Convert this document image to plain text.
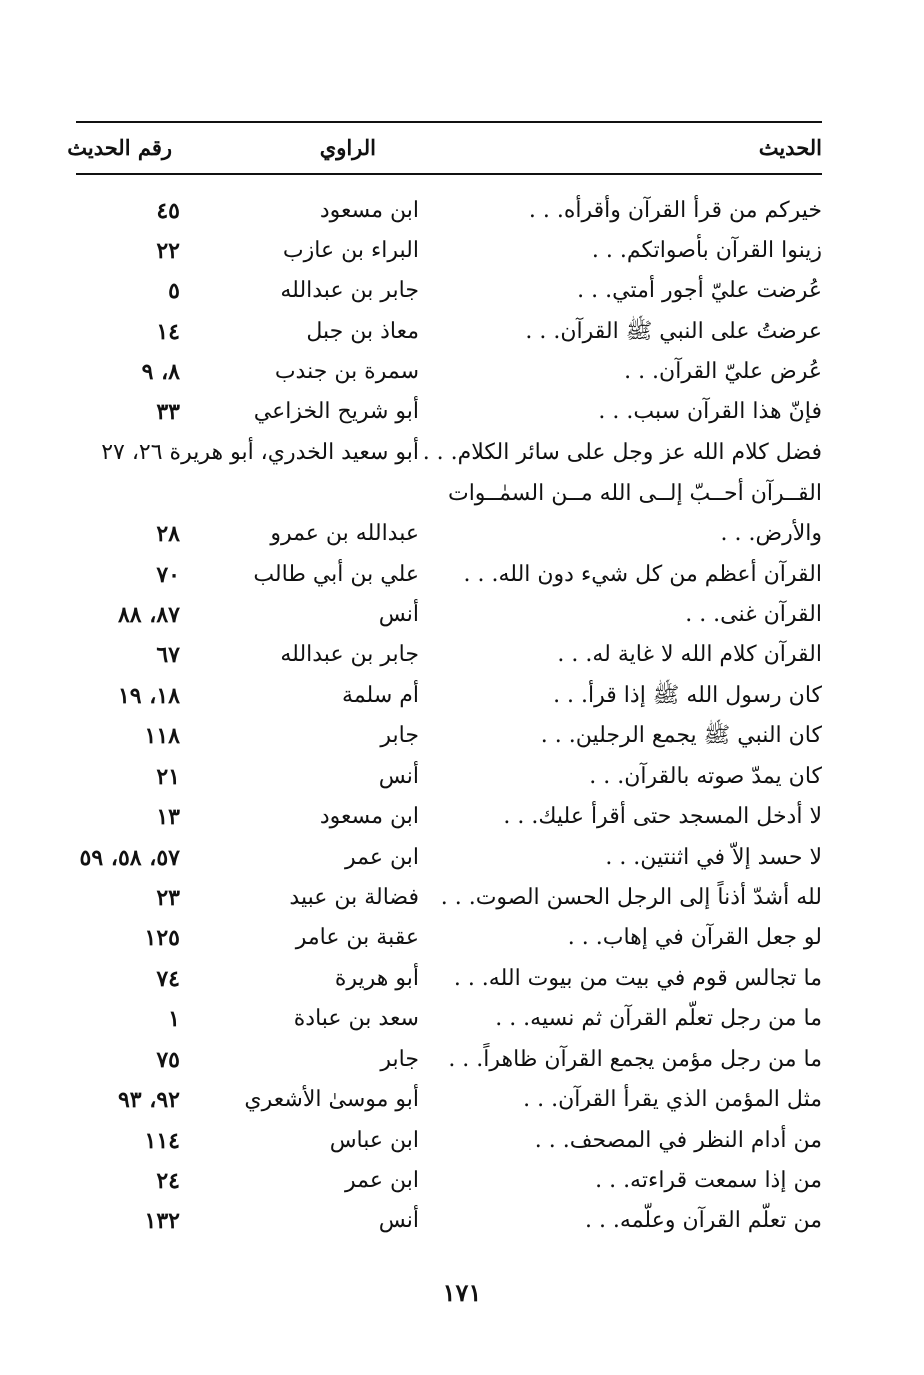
الحديث
الراوي
رقم الحديث
خيركم من قرأ القرآن وأقرأه. . .
ابن مسعود
٤٥
زينوا القرآن بأصواتكم. . .
البراء بن عازب
٢٢
عُرضت عليّ أجور أمتي. . .
جابر بن عبدالله
٥
عرضتُ على النبي ﷺ القرآن. . .
معاذ بن جبل
١٤
عُرض عليّ القرآن. . .
سمرة بن جندب
٨، ٩
فإنّ هذا القرآن سبب. . .
أبو شريح الخزاعي
٣٣
فضل كلام الله عز وجل على سائر الكلام. . .
أبو سعيد الخدري، أبو هريرة ٢٦، ٢٧
القــرآن أحــبّ إلــى الله مــن السمٰــوات
والأرض. . .
عبدالله بن عمرو
٢٨
القرآن أعظم من كل شيء دون الله. . .
علي بن أبي طالب
٧٠
القرآن غنى. . .
أنس
٨٧، ٨٨
القرآن كلام الله لا غاية له. . .
جابر بن عبدالله
٦٧
كان رسول الله ﷺ إذا قرأ. . .
أم سلمة
١٨، ١٩
كان النبي ﷺ يجمع الرجلين. . .
جابر
١١٨
كان يمدّ صوته بالقرآن. . .
أنس
٢١
لا أدخل المسجد حتى أقرأ عليك. . .
ابن مسعود
١٣
لا حسد إلاّ في اثنتين. . .
ابن عمر
٥٧، ٥٨، ٥٩
لله أشدّ أذناً إلى الرجل الحسن الصوت. . .
فضالة بن عبيد
٢٣
لو جعل القرآن في إهاب. . .
عقبة بن عامر
١٢٥
ما تجالس قوم في بيت من بيوت الله. . .
أبو هريرة
٧٤
ما من رجل تعلّم القرآن ثم نسيه. . .
سعد بن عبادة
١
ما من رجل مؤمن يجمع القرآن ظاهراً. . .
جابر
٧٥
مثل المؤمن الذي يقرأ القرآن. . .
أبو موسىٰ الأشعري
٩٢، ٩٣
من أدام النظر في المصحف. . .
ابن عباس
١١٤
من إذا سمعت قراءته. . .
ابن عمر
٢٤
من تعلّم القرآن وعلّمه. . .
أنس
١٣٢
١٧١
